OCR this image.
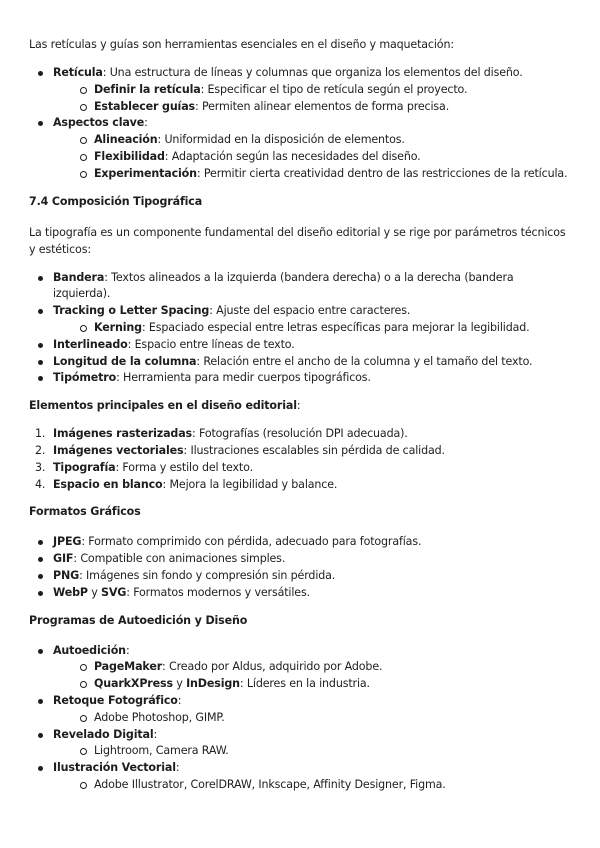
Las retículas y guías son herramientas esenciales en el diseño y maquetación:

Retícula: Una estructura de líneas y columnas que organiza los elementos del diseño.
Definir la retícula: Especificar el tipo de retícula según el proyecto.
Establecer guías: Permiten alinear elementos de forma precisa.
Aspectos clave:
Alineación: Uniformidad en la disposición de elementos.
Flexibilidad: Adaptación según las necesidades del diseño.
Experimentación: Permitir cierta creatividad dentro de las restricciones de la retícula.
7.4 Composición Tipográfica

La tipografía es un componente fundamental del diseño editorial y se rige por parámetros técnicos y estéticos:

Bandera: Textos alineados a la izquierda (bandera derecha) o a la derecha (bandera izquierda).
Tracking o Letter Spacing: Ajuste del espacio entre caracteres.
Kerning: Espaciado especial entre letras específicas para mejorar la legibilidad.
Interlineado: Espacio entre líneas de texto.
Longitud de la columna: Relación entre el ancho de la columna y el tamaño del texto.
Tipómetro: Herramienta para medir cuerpos tipográficos.
Elementos principales en el diseño editorial:
1. Imágenes rasterizadas: Fotografías (resolución DPI adecuada).
2. Imágenes vectoriales: Ilustraciones escalables sin pérdida de calidad.
3. Tipografía: Forma y estilo del texto.
4. Espacio en blanco: Mejora la legibilidad y balance.
Formatos Gráficos
JPEG: Formato comprimido con pérdida, adecuado para fotografías.
GIF: Compatible con animaciones simples.
PNG: Imágenes sin fondo y compresión sin pérdida.
WebP y SVG: Formatos modernos y versátiles.
Programas de Autoedición y Diseño
Autoedición:
PageMaker: Creado por Aldus, adquirido por Adobe.
QuarkXPress y InDesign: Líderes en la industria.
Retoque Fotográfico:
Adobe Photoshop, GIMP.
Revelado Digital:
Lightroom, Camera RAW.
Ilustración Vectorial:
Adobe Illustrator, CorelDRAW, Inkscape, Affinity Designer, Figma.
